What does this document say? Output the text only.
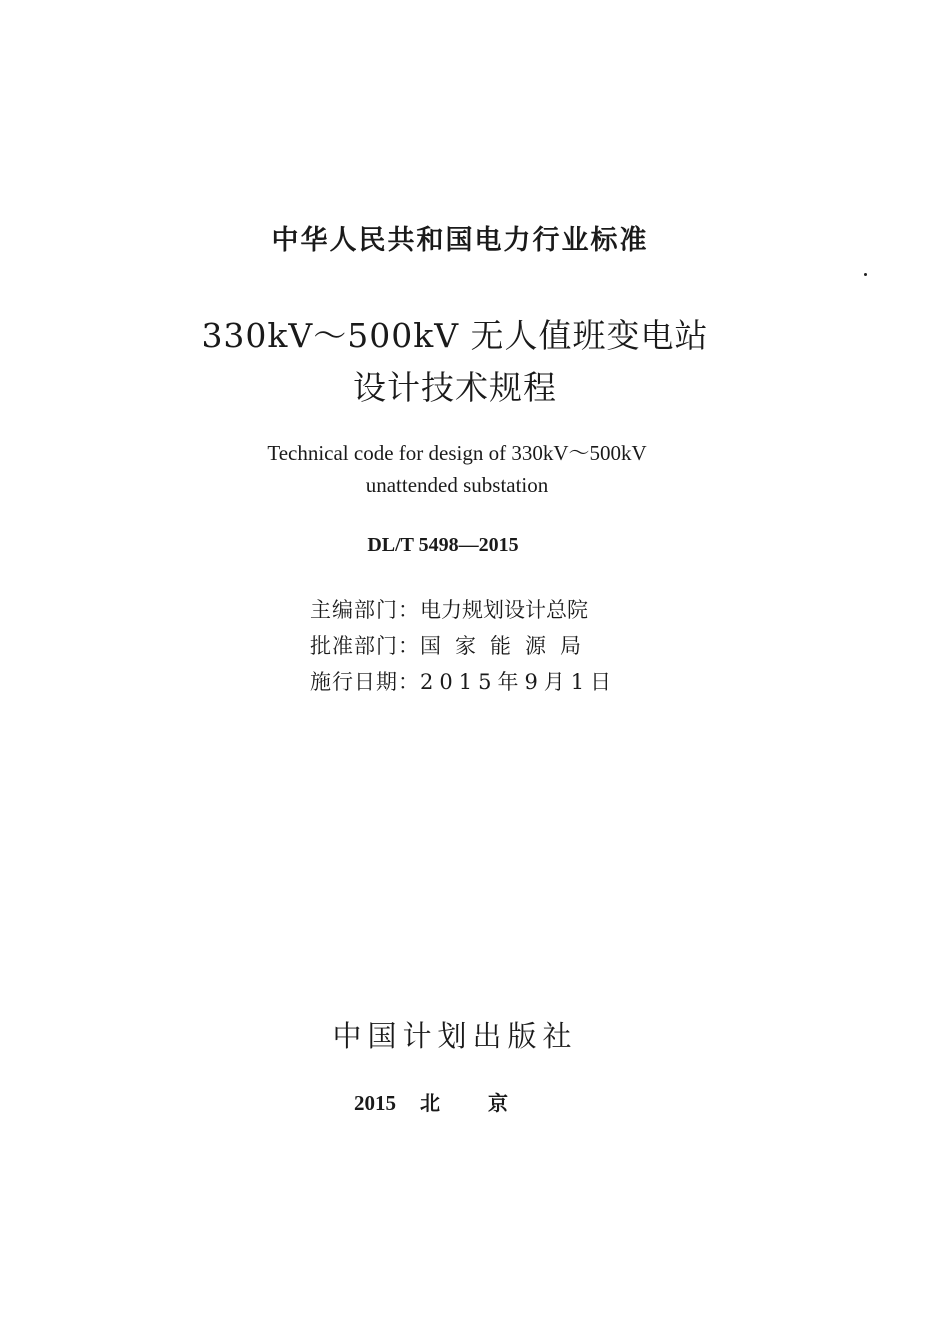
中华人民共和国电力行业标准
330kV～500kV 无人值班变电站
设计技术规程
Technical code for design of 330kV～500kV
unattended substation
DL/T 5498—2015
主编部门：电力规划设计总院
批准部门：国家能源局
施行日期：2015年9月1日
中国计划出版社
2015 北京
